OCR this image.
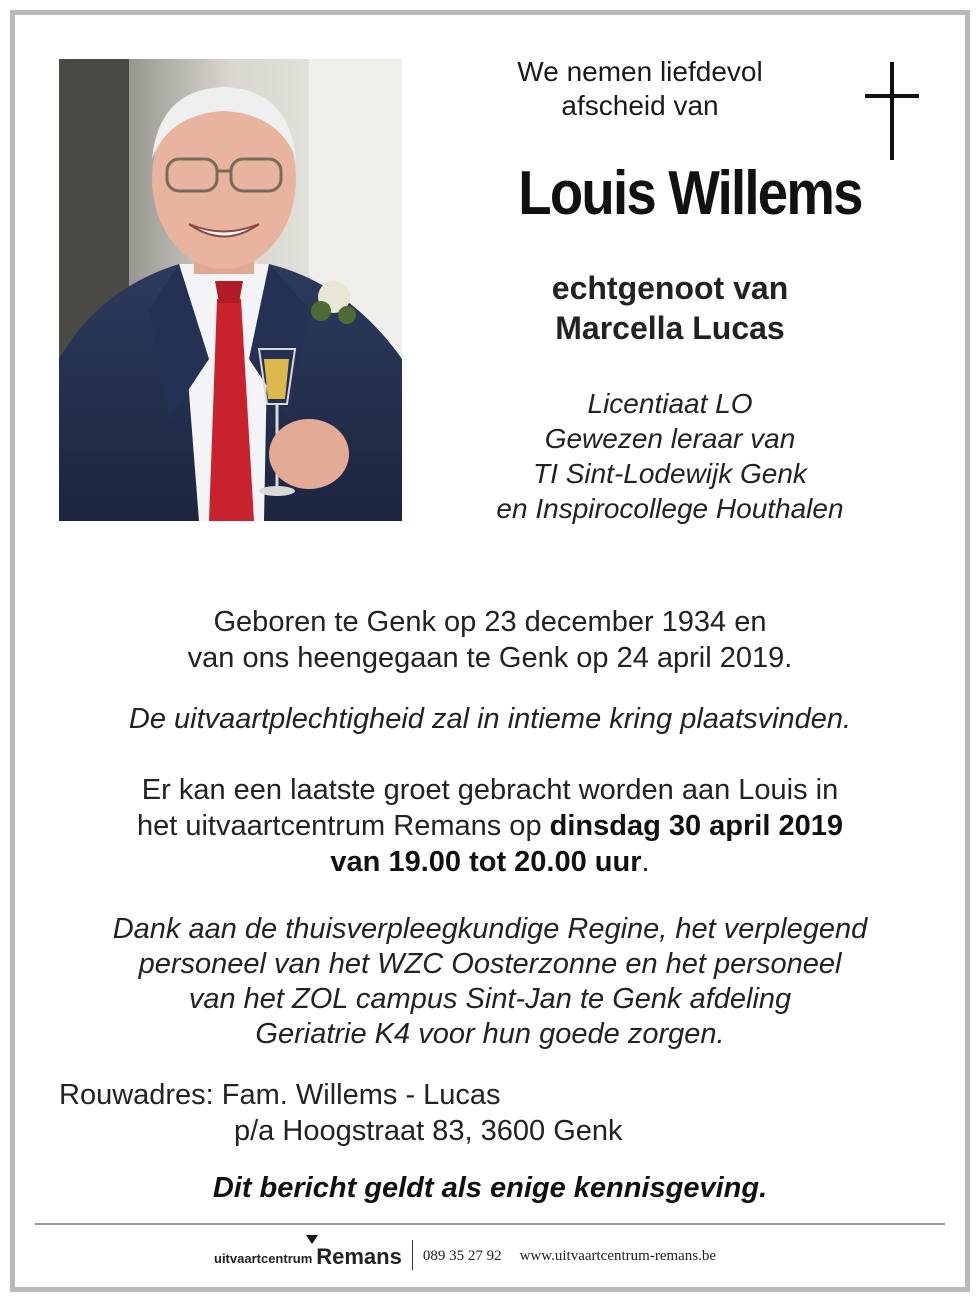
We nemen liefdevol
afscheid van
Louis Willems
echtgenoot van
Marcella Lucas
Licentiaat LO
Gewezen leraar van
TI Sint-Lodewijk Genk
en Inspirocollege Houthalen
Geboren te Genk op 23 december 1934 en
van ons heengegaan te Genk op 24 april 2019.
De uitvaartplechtigheid zal in intieme kring plaatsvinden.
Er kan een laatste groet gebracht worden aan Louis in
het uitvaartcentrum Remans op dinsdag 30 april 2019
van 19.00 tot 20.00 uur.
Dank aan de thuisverpleegkundige Regine, het verplegend
personeel van het WZC Oosterzonne en het personeel
van het ZOL campus Sint-Jan te Genk afdeling
Geriatrie K4 voor hun goede zorgen.
Rouwadres: Fam. Willems - Lucas
p/a Hoogstraat 83, 3600 Genk
Dit bericht geldt als enige kennisgeving.
uitvaartcentrum Remans 089 35 27 92 www.uitvaartcentrum-remans.be
